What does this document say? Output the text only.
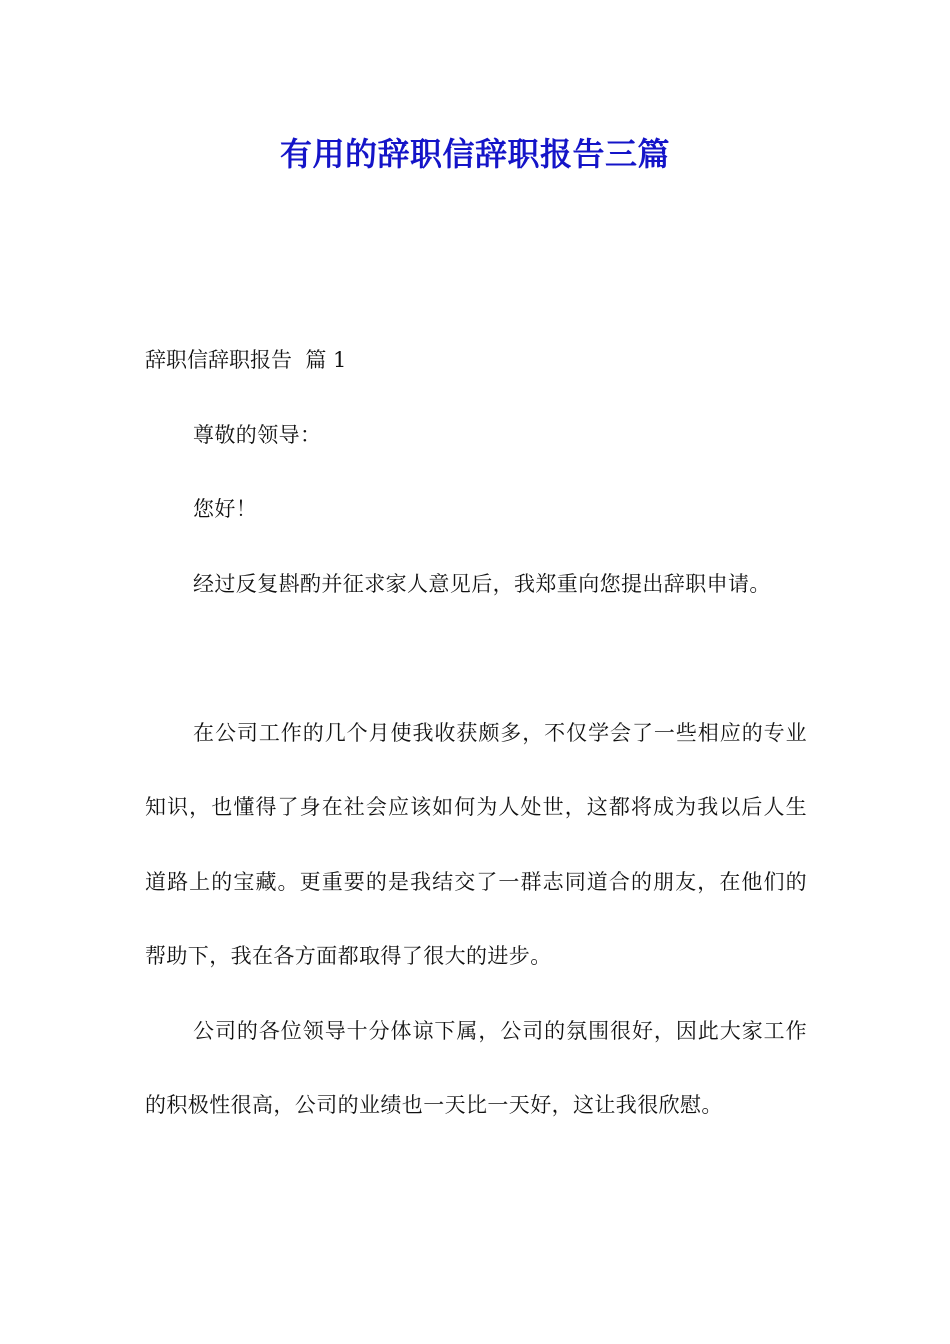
有用的辞职信辞职报告三篇
辞职信辞职报告  篇 1

尊敬的领导：

您好！

经过反复斟酌并征求家人意见后，我郑重向您提出辞职申请。

在公司工作的几个月使我收获颇多，不仅学会了一些相应的专业知识，也懂得了身在社会应该如何为人处世，这都将成为我以后人生道路上的宝藏。更重要的是我结交了一群志同道合的朋友，在他们的帮助下，我在各方面都取得了很大的进步。

公司的各位领导十分体谅下属，公司的氛围很好，因此大家工作的积极性很高，公司的业绩也一天比一天好，这让我很欣慰。
